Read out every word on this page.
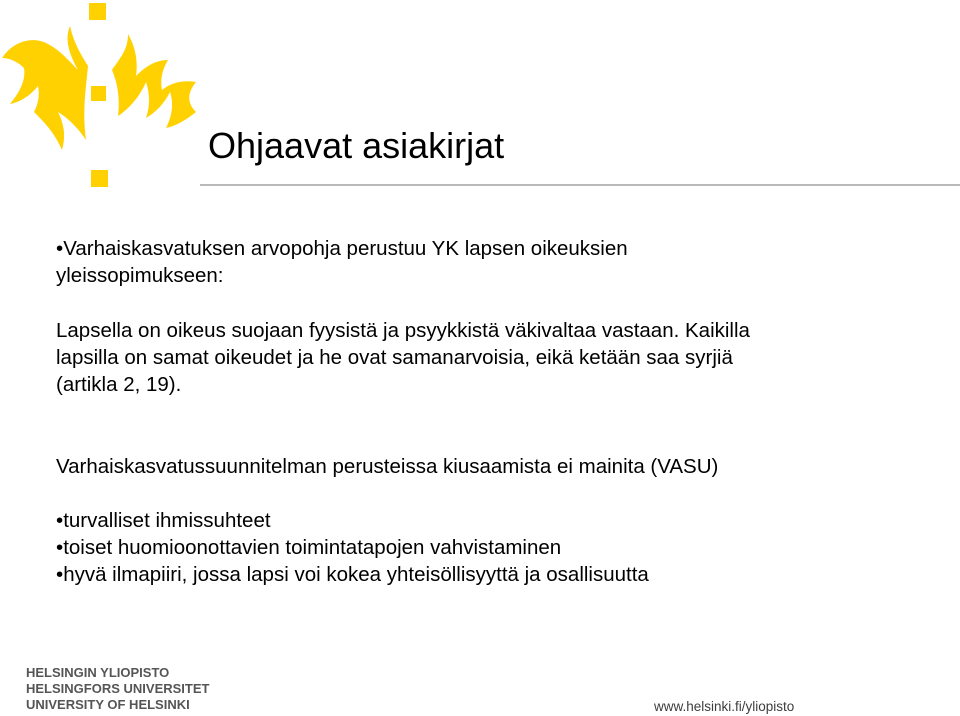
Ohjaavat asiakirjat
• Varhaiskasvatuksen arvopohja perustuu YK lapsen oikeuksien
yleissopimukseen:
Lapsella on oikeus suojaan fyysistä ja psyykkistä väkivaltaa vastaan. Kaikilla
lapsilla on samat oikeudet ja he ovat samanarvoisia, eikä ketään saa syrjiä
(artikla 2, 19).
Varhaiskasvatussuunnitelman perusteissa kiusaamista ei mainita (VASU)
• turvalliset ihmissuhteet
• toiset huomioonottavien toimintatapojen vahvistaminen
• hyvä ilmapiiri, jossa lapsi voi kokea yhteisöllisyyttä ja osallisuutta
HELSINGIN YLIOPISTO
HELSINGFORS UNIVERSITET
UNIVERSITY OF HELSINKI	www.helsinki.fi/yliopisto
